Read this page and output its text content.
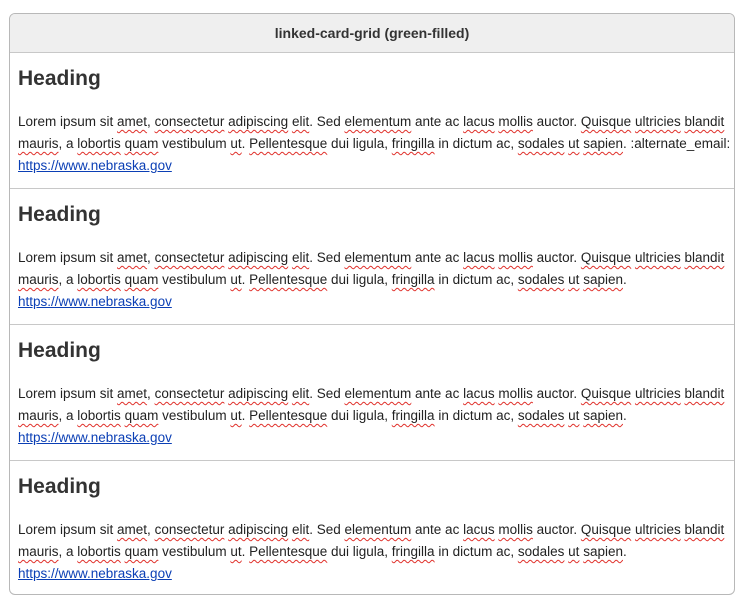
linked-card-grid (green-filled)
Heading

Lorem ipsum sit amet, consectetur adipiscing elit. Sed elementum ante ac lacus mollis auctor. Quisque ultricies blandit
mauris, a lobortis quam vestibulum ut. Pellentesque dui ligula, fringilla in dictum ac, sodales ut sapien. :alternate_email:

https://www.nebraska.gov
Heading

Lorem ipsum sit amet, consectetur adipiscing elit. Sed elementum ante ac lacus mollis auctor. Quisque ultricies blandit
mauris, a lobortis quam vestibulum ut. Pellentesque dui ligula, fringilla in dictum ac, sodales ut sapien.

https://www.nebraska.gov
Heading

Lorem ipsum sit amet, consectetur adipiscing elit. Sed elementum ante ac lacus mollis auctor. Quisque ultricies blandit
mauris, a lobortis quam vestibulum ut. Pellentesque dui ligula, fringilla in dictum ac, sodales ut sapien.

https://www.nebraska.gov
Heading

Lorem ipsum sit amet, consectetur adipiscing elit. Sed elementum ante ac lacus mollis auctor. Quisque ultricies blandit
mauris, a lobortis quam vestibulum ut. Pellentesque dui ligula, fringilla in dictum ac, sodales ut sapien.

https://www.nebraska.gov
